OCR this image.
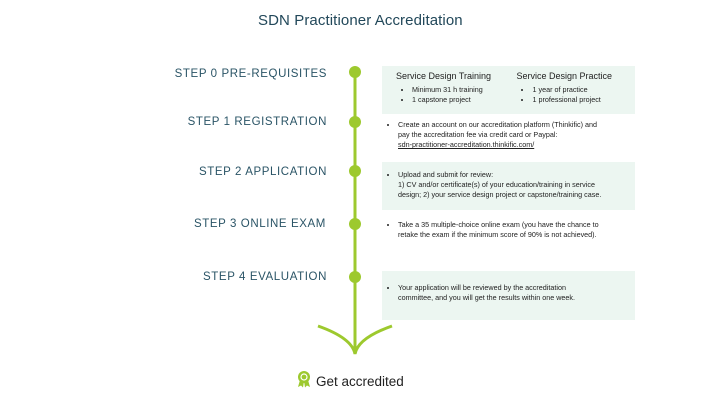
SDN Practitioner Accreditation
STEP 0 PRE-REQUISITES
STEP 1 REGISTRATION
STEP 2 APPLICATION
STEP 3 ONLINE EXAM
STEP 4 EVALUATION
Service Design Training
• Minimum 31 h training
• 1 capstone project
Service Design Practice
• 1 year of practice
• 1 professional project
• Create an account on our accreditation platform (Thinkific) and
pay the accreditation fee via credit card or Paypal:
sdn-practitioner-accreditation.thinkific.com/
• Upload and submit for review:
1) CV and/or certificate(s) of your education/training in service
design; 2) your service design project or capstone/training case.
• Take a 35 multiple-choice online exam (you have the chance to
retake the exam if the minimum score of 90% is not achieved).
• Your application will be reviewed by the accreditation
committee, and you will get the results within one week.
Get accredited
